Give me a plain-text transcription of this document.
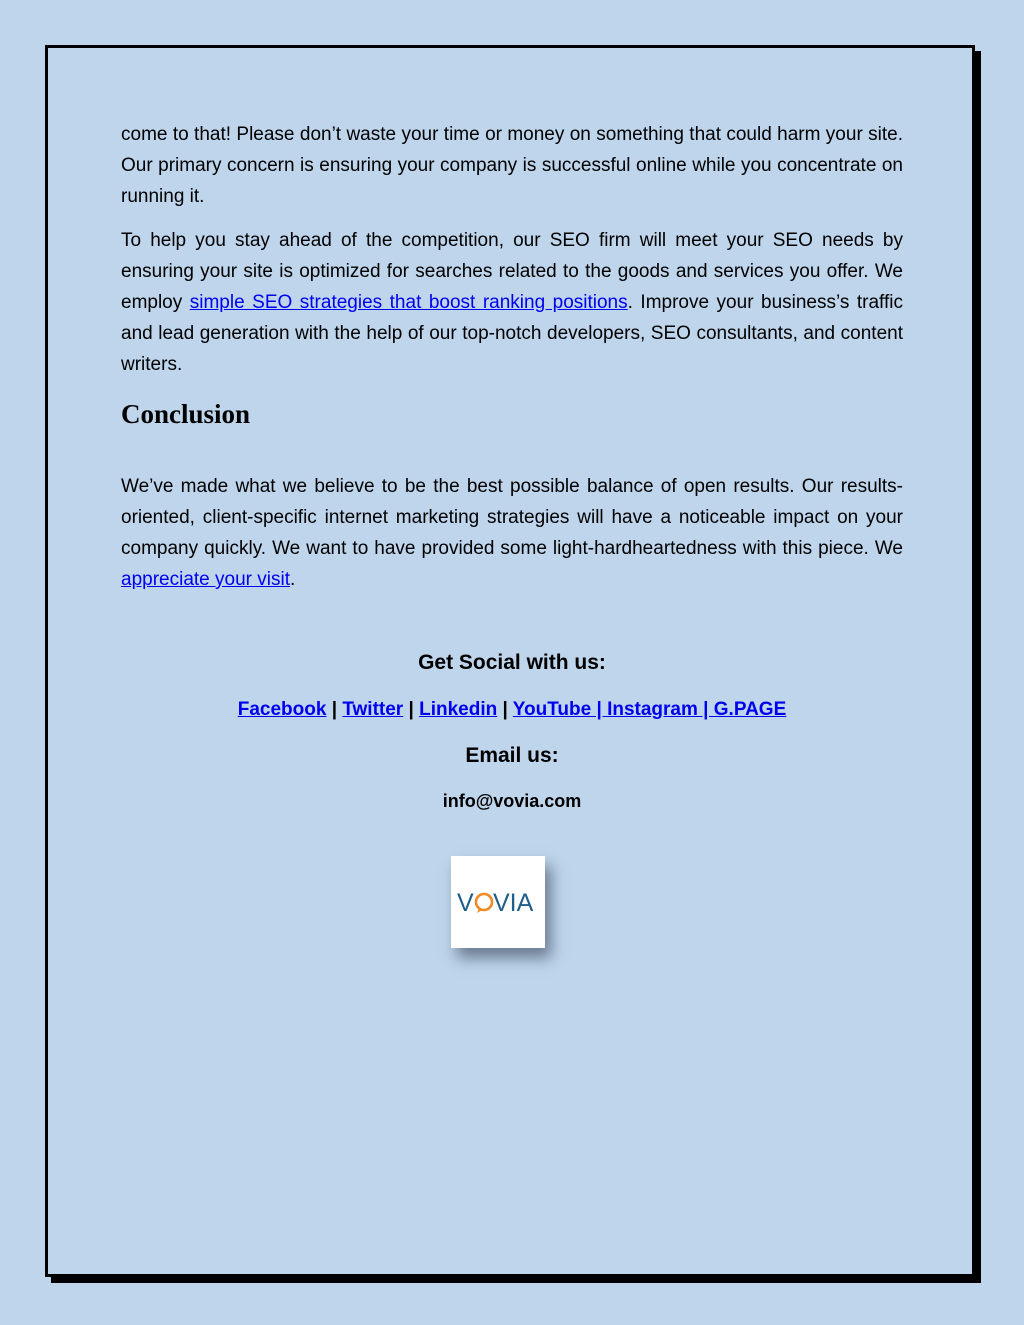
come to that! Please don’t waste your time or money on something that could harm your site. Our primary concern is ensuring your company is successful online while you concentrate on running it.

To help you stay ahead of the competition, our SEO firm will meet your SEO needs by ensuring your site is optimized for searches related to the goods and services you offer. We employ simple SEO strategies that boost ranking positions. Improve your business’s traffic and lead generation with the help of our top-notch developers, SEO consultants, and content writers.

Conclusion

We’ve made what we believe to be the best possible balance of open results. Our results-oriented, client-specific internet marketing strategies will have a noticeable impact on your company quickly. We want to have provided some light-hardheartedness with this piece. We appreciate your visit.

Get Social with us:
Facebook | Twitter | Linkedin | YouTube | Instagram | G.PAGE
Email us:
info@vovia.com
V VIA
